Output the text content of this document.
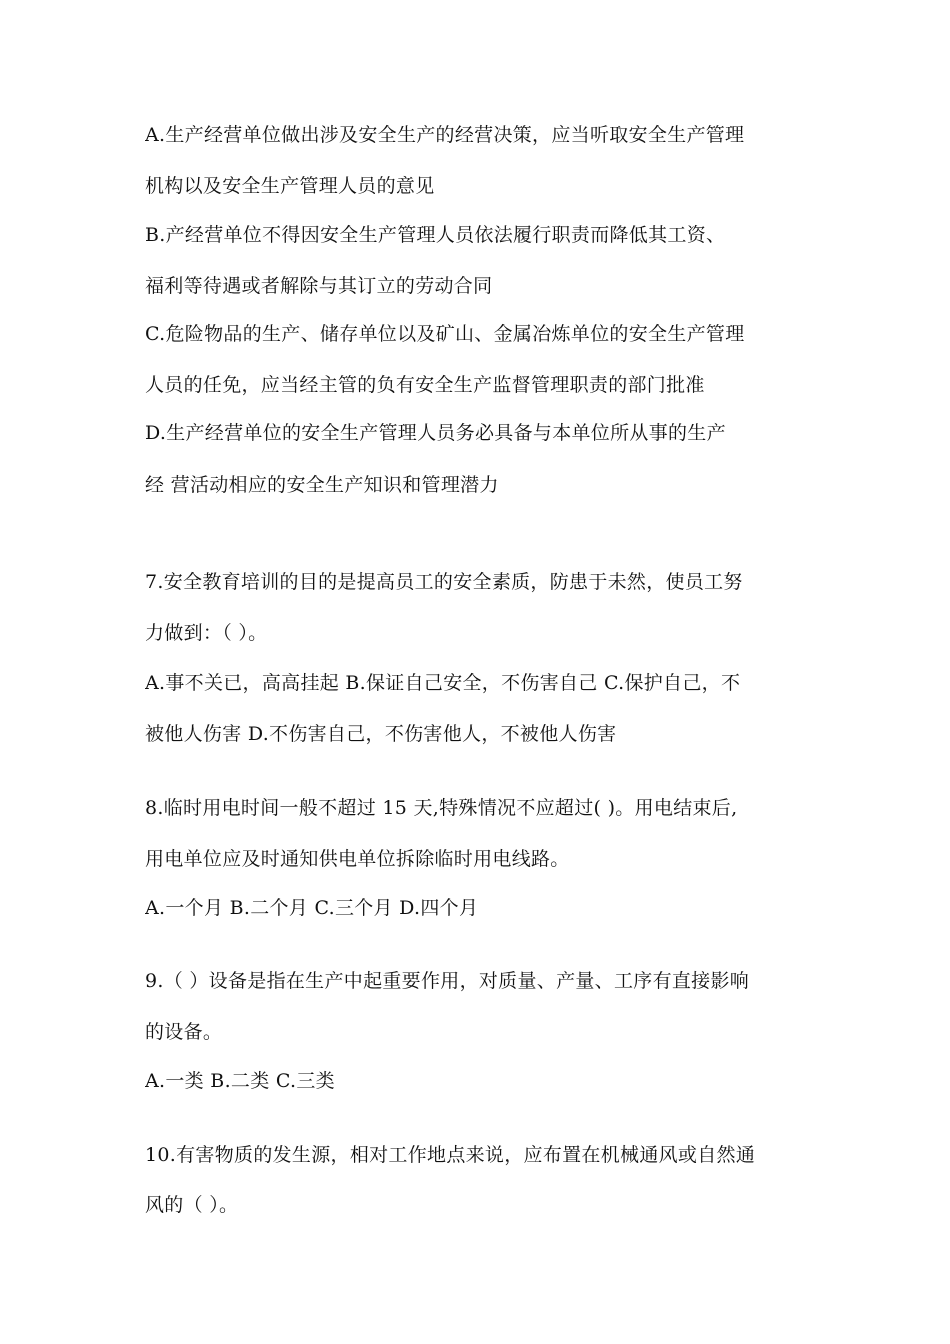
A.生产经营单位做出涉及安全生产的经营决策，应当听取安全生产管理
机构以及安全生产管理人员的意见
B.产经营单位不得因安全生产管理人员依法履行职责而降低其工资、
福利等待遇或者解除与其订立的劳动合同
C.危险物品的生产、储存单位以及矿山、金属冶炼单位的安全生产管理
人员的任免，应当经主管的负有安全生产监督管理职责的部门批准
D.生产经营单位的安全生产管理人员务必具备与本单位所从事的生产
经 营活动相应的安全生产知识和管理潜力
7.安全教育培训的目的是提高员工的安全素质，防患于未然，使员工努
力做到：（ ）。
A.事不关已，高高挂起 B.保证自己安全，不伤害自己 C.保护自己，不
被他人伤害 D.不伤害自己，不伤害他人，不被他人伤害
8.临时用电时间一般不超过 15 天,特殊情况不应超过( )。用电结束后,
用电单位应及时通知供电单位拆除临时用电线路。
A.一个月 B.二个月 C.三个月 D.四个月
9.（ ）设备是指在生产中起重要作用，对质量、产量、工序有直接影响
的设备。
A.一类 B.二类 C.三类
10.有害物质的发生源，相对工作地点来说，应布置在机械通风或自然通
风的（ ）。
